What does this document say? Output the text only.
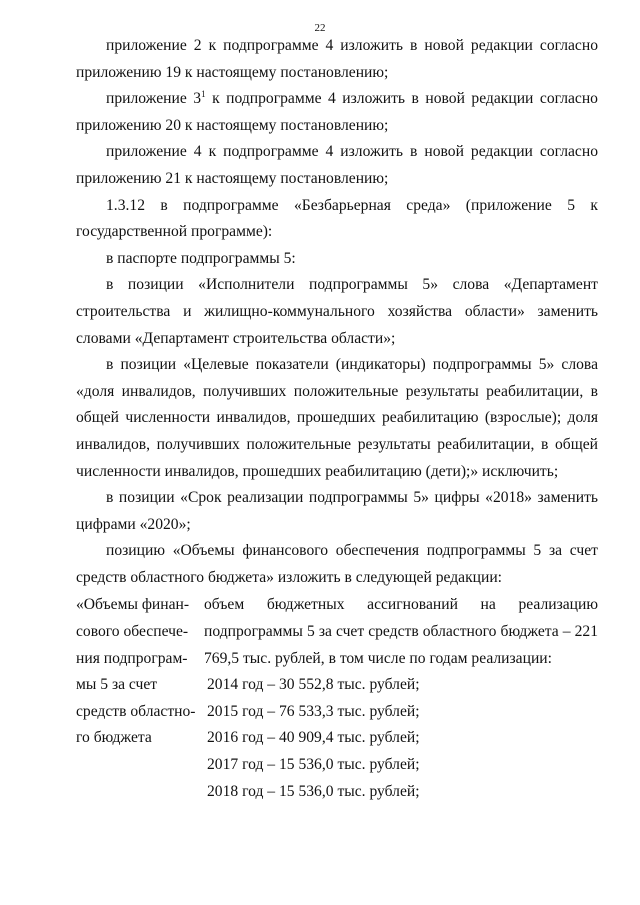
22

приложение 2 к подпрограмме 4 изложить в новой редакции согласно приложению 19 к настоящему постановлению;

приложение $3^1$ к подпрограмме 4 изложить в новой редакции согласно приложению 20 к настоящему постановлению;

приложение 4 к подпрограмме 4 изложить в новой редакции согласно приложению 21 к настоящему постановлению;

1.3.12 в подпрограмме «Безбарьерная среда» (приложение 5 к государственной программе):

в паспорте подпрограммы 5:

в позиции «Исполнители подпрограммы 5» слова «Департамент строительства и жилищно-коммунального хозяйства области» заменить словами «Департамент строительства области»;

в позиции «Целевые показатели (индикаторы) подпрограммы 5» слова «доля инвалидов, получивших положительные результаты реабилитации, в общей численности инвалидов, прошедших реабилитацию (взрослые); доля инвалидов, получивших положительные результаты реабилитации, в общей численности инвалидов, прошедших реабилитацию (дети);» исключить;

в позиции «Срок реализации подпрограммы 5» цифры «2018» заменить цифрами «2020»;

позицию «Объемы финансового обеспечения подпрограммы 5 за счет средств областного бюджета» изложить в следующей редакции:

«Объемы финан-
сового обеспече-
ния подпрограм-
мы 5 за счет
средств областно-
го бюджета
объем бюджетных ассигнований на реализацию подпрограммы 5 за счет средств областного бюджета – 221 769,5 тыс. рублей, в том числе по годам реализации:
2014 год – 30 552,8 тыс. рублей;
2015 год – 76 533,3 тыс. рублей;
2016 год – 40 909,4 тыс. рублей;
2017 год – 15 536,0 тыс. рублей;
2018 год – 15 536,0 тыс. рублей;
